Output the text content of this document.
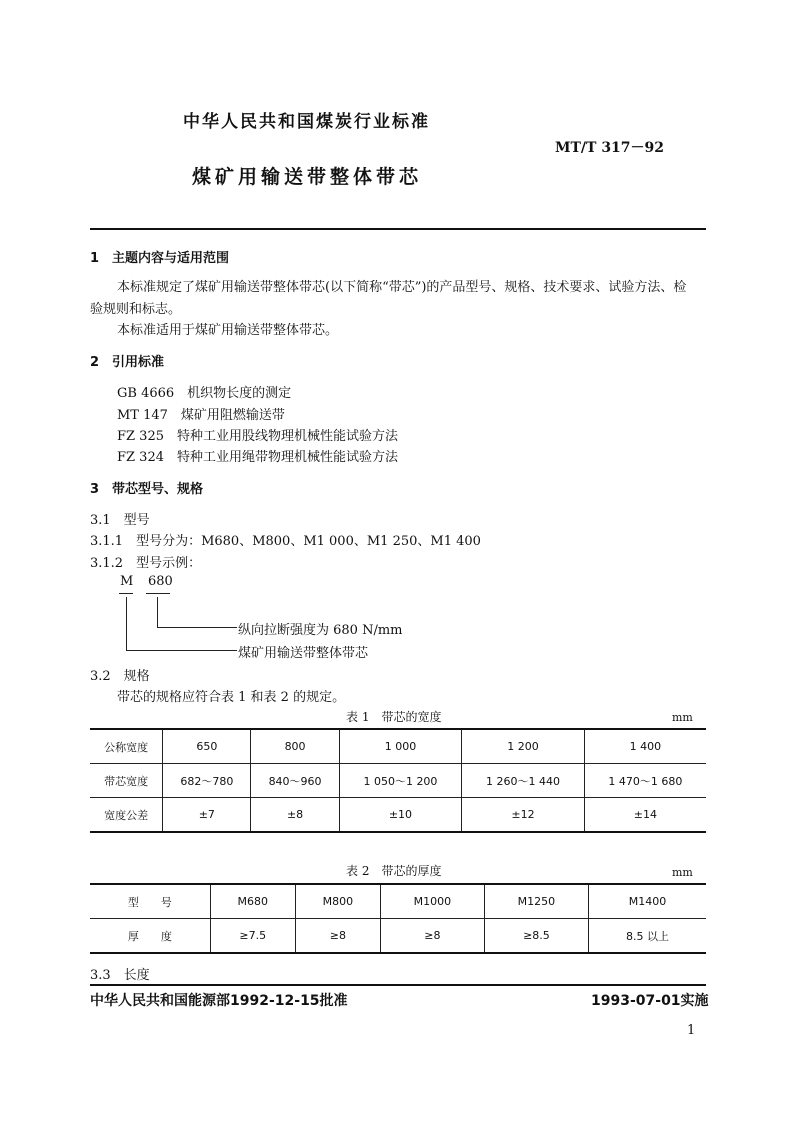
中华人民共和国煤炭行业标准
MT/T 317－92
煤矿用输送带整体带芯
1　主题内容与适用范围
本标准规定了煤矿用输送带整体带芯(以下简称“带芯”)的产品型号、规格、技术要求、试验方法、检
验规则和标志。
本标准适用于煤矿用输送带整体带芯。
2　引用标准
GB 4666　机织物长度的测定
MT 147　煤矿用阻燃输送带
FZ 325　特种工业用股线物理机械性能试验方法
FZ 324　特种工业用绳带物理机械性能试验方法
3　带芯型号、规格
3.1　型号
3.1.1　型号分为：M680、M800、M1 000、M1 250、M1 400
3.1.2　型号示例：
M 680
纵向拉断强度为 680 N/mm
煤矿用输送带整体带芯
3.2　规格
带芯的规格应符合表 1 和表 2 的规定。
表 1　带芯的宽度	mm
公称宽度	650	800	1 000	1 200	1 400
带芯宽度	682～780	840～960	1 050～1 200	1 260～1 440	1 470～1 680
宽度公差	±7	±8	±10	±12	±14
表 2　带芯的厚度	mm
型　　号	M680	M800	M1000	M1250	M1400
厚　　度	≥7.5	≥8	≥8	≥8.5	8.5 以上
3.3　长度
中华人民共和国能源部1992-12-15批准	1993-07-01实施
1
